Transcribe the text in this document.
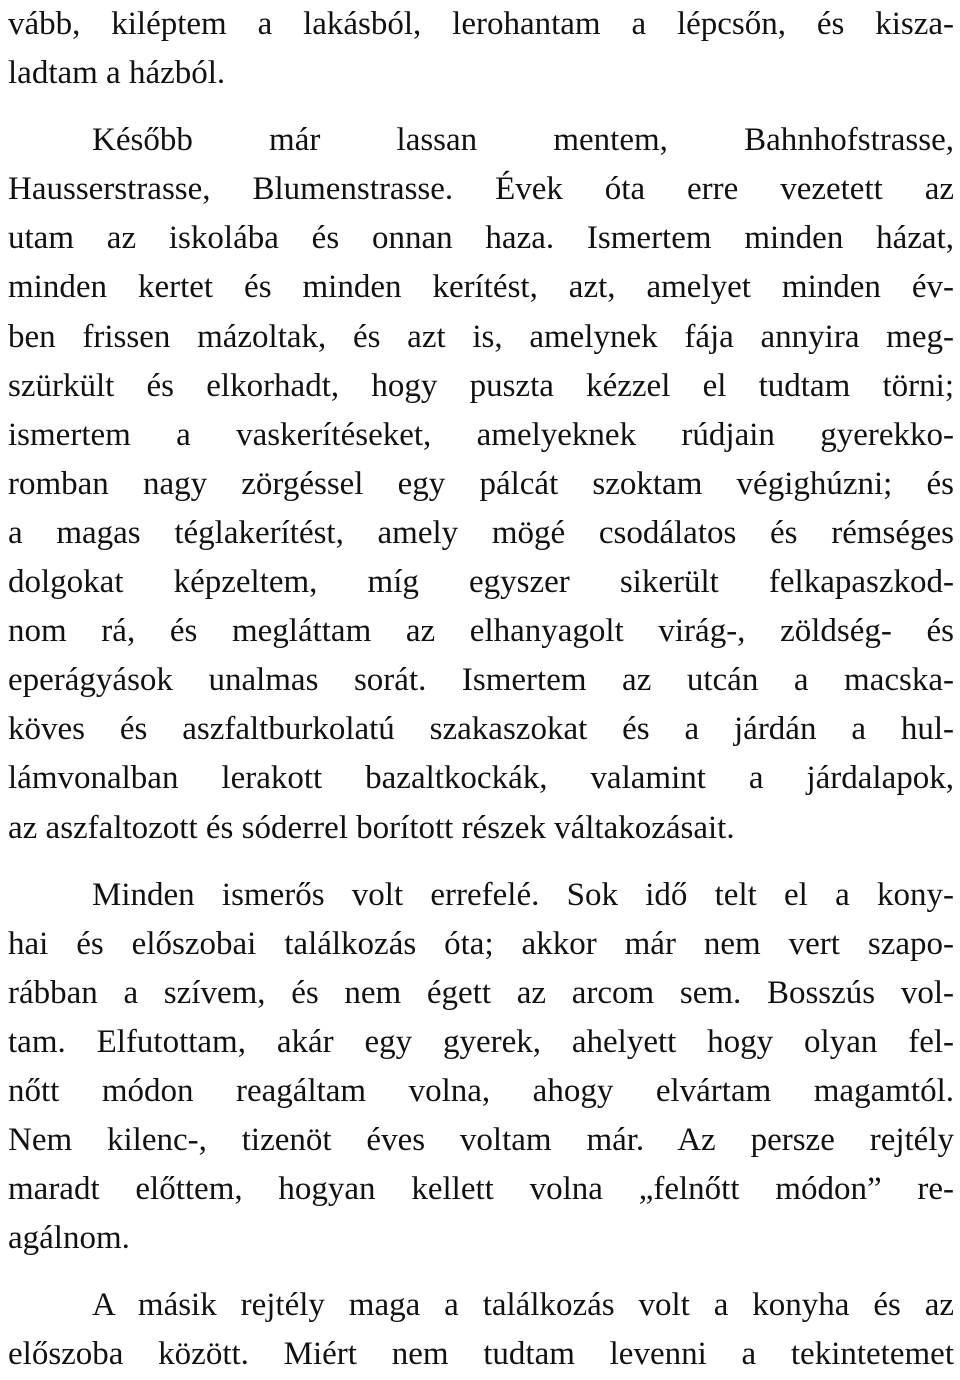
vább, kiléptem a lakásból, lerohantam a lépcsőn, és kisza-
ladtam a házból.
Később már lassan mentem, Bahnhofstrasse,
Hausserstrasse, Blumenstrasse. Évek óta erre vezetett az
utam az iskolába és onnan haza. Ismertem minden házat,
minden kertet és minden kerítést, azt, amelyet minden év-
ben frissen mázoltak, és azt is, amelynek fája annyira meg-
szürkült és elkorhadt, hogy puszta kézzel el tudtam törni;
ismertem a vaskerítéseket, amelyeknek rúdjain gyerekko-
romban nagy zörgéssel egy pálcát szoktam végighúzni; és
a magas téglakerítést, amely mögé csodálatos és rémséges
dolgokat képzeltem, míg egyszer sikerült felkapaszkod-
nom rá, és megláttam az elhanyagolt virág-, zöldség- és
eperágyások unalmas sorát. Ismertem az utcán a macska-
köves és aszfaltburkolatú szakaszokat és a járdán a hul-
lámvonalban lerakott bazaltkockák, valamint a járdalapok,
az aszfaltozott és sóderrel borított részek váltakozásait.
Minden ismerős volt errefelé. Sok idő telt el a kony-
hai és előszobai találkozás óta; akkor már nem vert szapo-
rábban a szívem, és nem égett az arcom sem. Bosszús vol-
tam. Elfutottam, akár egy gyerek, ahelyett hogy olyan fel-
nőtt módon reagáltam volna, ahogy elvártam magamtól.
Nem kilenc-, tizenöt éves voltam már. Az persze rejtély
maradt előttem, hogyan kellett volna „felnőtt módon” re-
agálnom.
A másik rejtély maga a találkozás volt a konyha és az
előszoba között. Miért nem tudtam levenni a tekintetemet
